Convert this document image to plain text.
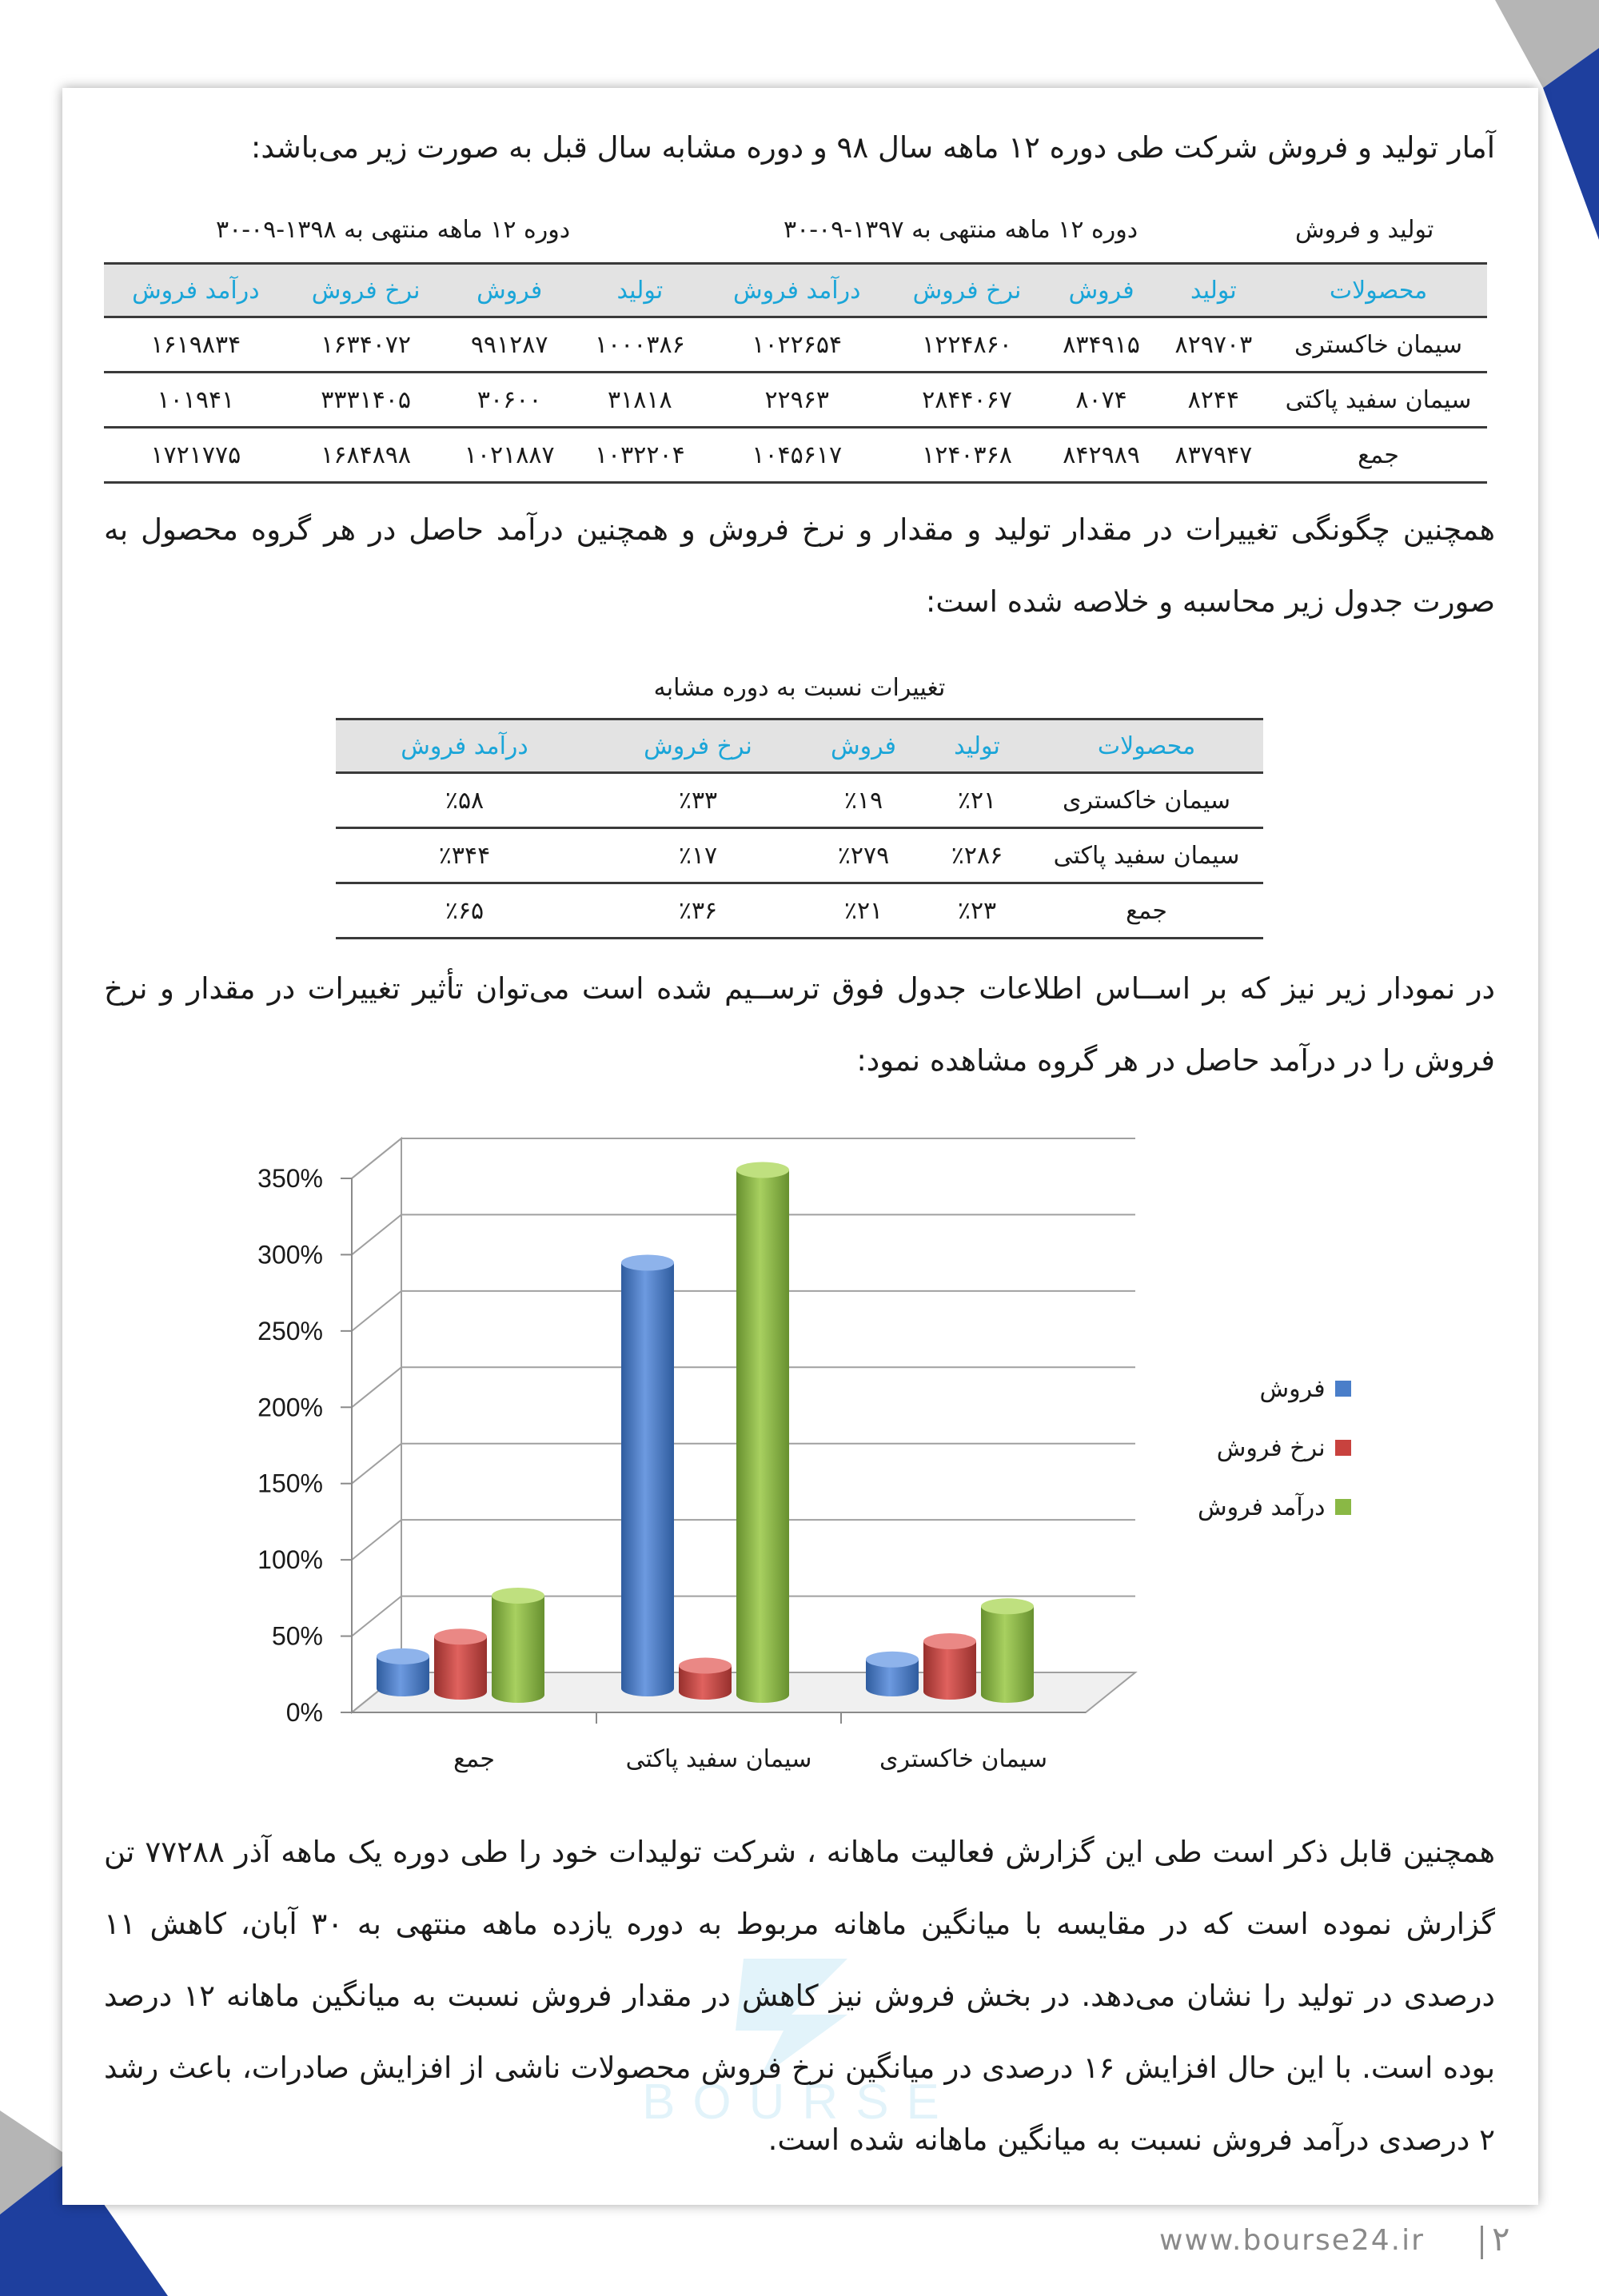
BOURSE
آمار تولید و فروش شرکت طی دوره ۱۲ ماهه سال ۹۸ و دوره مشابه سال قبل به صورت زیر می‌باشد:
تولید و فروش
دوره ۱۲ ماهه منتهی به ۱۳۹۷-۰۹-۳۰
دوره ۱۲ ماهه منتهی به ۱۳۹۸-۰۹-۳۰
محصولات	تولید	فروش	نرخ فروش	درآمد فروش	تولید	فروش	نرخ فروش	درآمد فروش
سیمان خاکستری	۸۲۹۷۰۳	۸۳۴۹۱۵	۱۲۲۴۸۶۰	۱۰۲۲۶۵۴	۱۰۰۰۳۸۶	۹۹۱۲۸۷	۱۶۳۴۰۷۲	۱۶۱۹۸۳۴
سیمان سفید پاکتی	۸۲۴۴	۸۰۷۴	۲۸۴۴۰۶۷	۲۲۹۶۳	۳۱۸۱۸	۳۰۶۰۰	۳۳۳۱۴۰۵	۱۰۱۹۴۱
جمع	۸۳۷۹۴۷	۸۴۲۹۸۹	۱۲۴۰۳۶۸	۱۰۴۵۶۱۷	۱۰۳۲۲۰۴	۱۰۲۱۸۸۷	۱۶۸۴۸۹۸	۱۷۲۱۷۷۵
همچنین چگونگی تغییرات در مقدار تولید و مقدار و نرخ فروش و همچنین درآمد حاصل در هر گروه محصول به صورت جدول زیر محاسبه و خلاصه شده است:
تغییرات نسبت به دوره مشابه
محصولات	تولید	فروش	نرخ فروش	درآمد فروش
سیمان خاکستری	٪۲۱	٪۱۹	٪۳۳	٪۵۸
سیمان سفید پاکتی	٪۲۸۶	٪۲۷۹	٪۱۷	٪۳۴۴
جمع	٪۲۳	٪۲۱	٪۳۶	٪۶۵
در نمودار زیر نیز که بر اســاس اطلاعات جدول فوق ترســیم شده است می‌توان تأثیر تغییرات در مقدار و نرخ فروش را در درآمد حاصل در هر گروه مشاهده نمود:
0%
50%
100%
150%
200%
250%
300%
350%
سیمان خاکستری
سیمان سفید پاکتی
جمع
فروش
نرخ فروش
درآمد فروش
همچنین قابل ذکر است طی این گزارش فعالیت ماهانه ، شرکت تولیدات خود را طی دوره یک ماهه آذر ۷۷۲۸۸ تن گزارش نموده است که در مقایسه با میانگین ماهانه مربوط به دوره یازده ماهه منتهی به ۳۰ آبان، کاهش ۱۱ درصدی در تولید را نشان می‌دهد. در بخش فروش نیز کاهش در مقدار فروش نسبت به میانگین ماهانه ۱۲ درصد بوده است. با این حال افزایش ۱۶ درصدی در میانگین نرخ فروش محصولات ناشی از افزایش صادرات، باعث رشد ۲ درصدی درآمد فروش نسبت به میانگین ماهانه شده است.
www.bourse24.ir ۲
